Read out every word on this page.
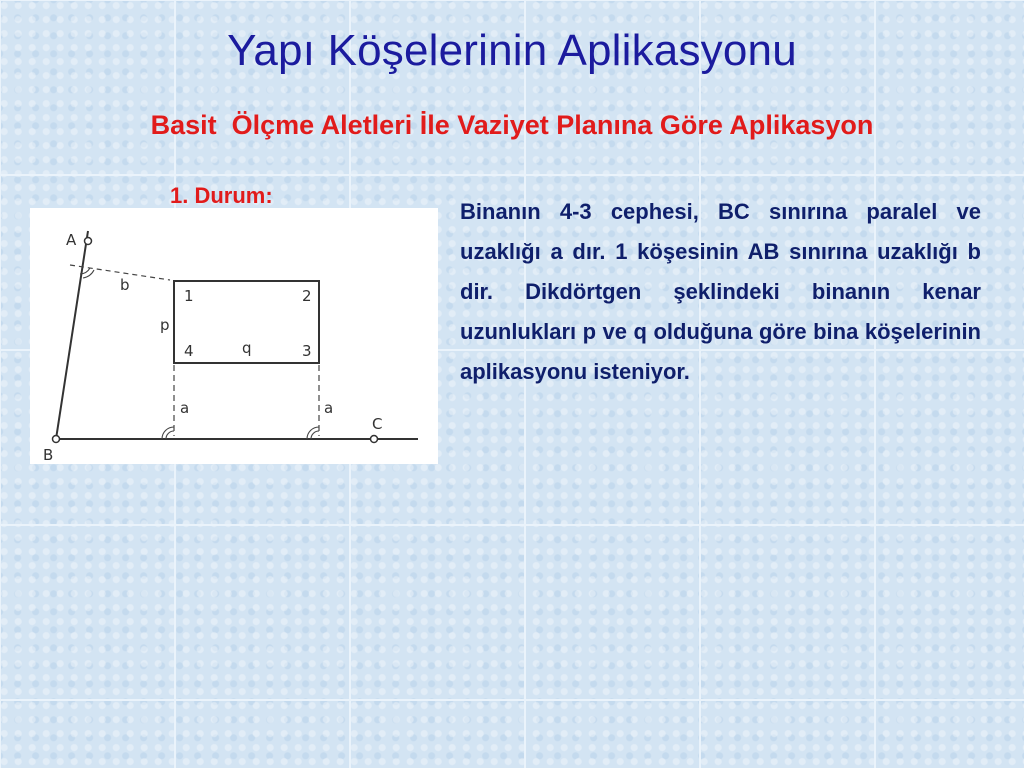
Yapı Köşelerinin Aplikasyonu
Basit  Ölçme Aletleri İle Vaziyet Planına Göre Aplikasyon
1. Durum:
A
B
C
1	2
3
4
b
p
q
a	a

Binanın 4-3 cephesi, BC sınırına paralel ve uzaklığı a dır. 1 köşesinin AB sınırına uzaklığı b dir. Dikdörtgen şeklindeki binanın kenar uzunlukları p ve q olduğuna göre bina köşelerinin aplikasyonu isteniyor.
